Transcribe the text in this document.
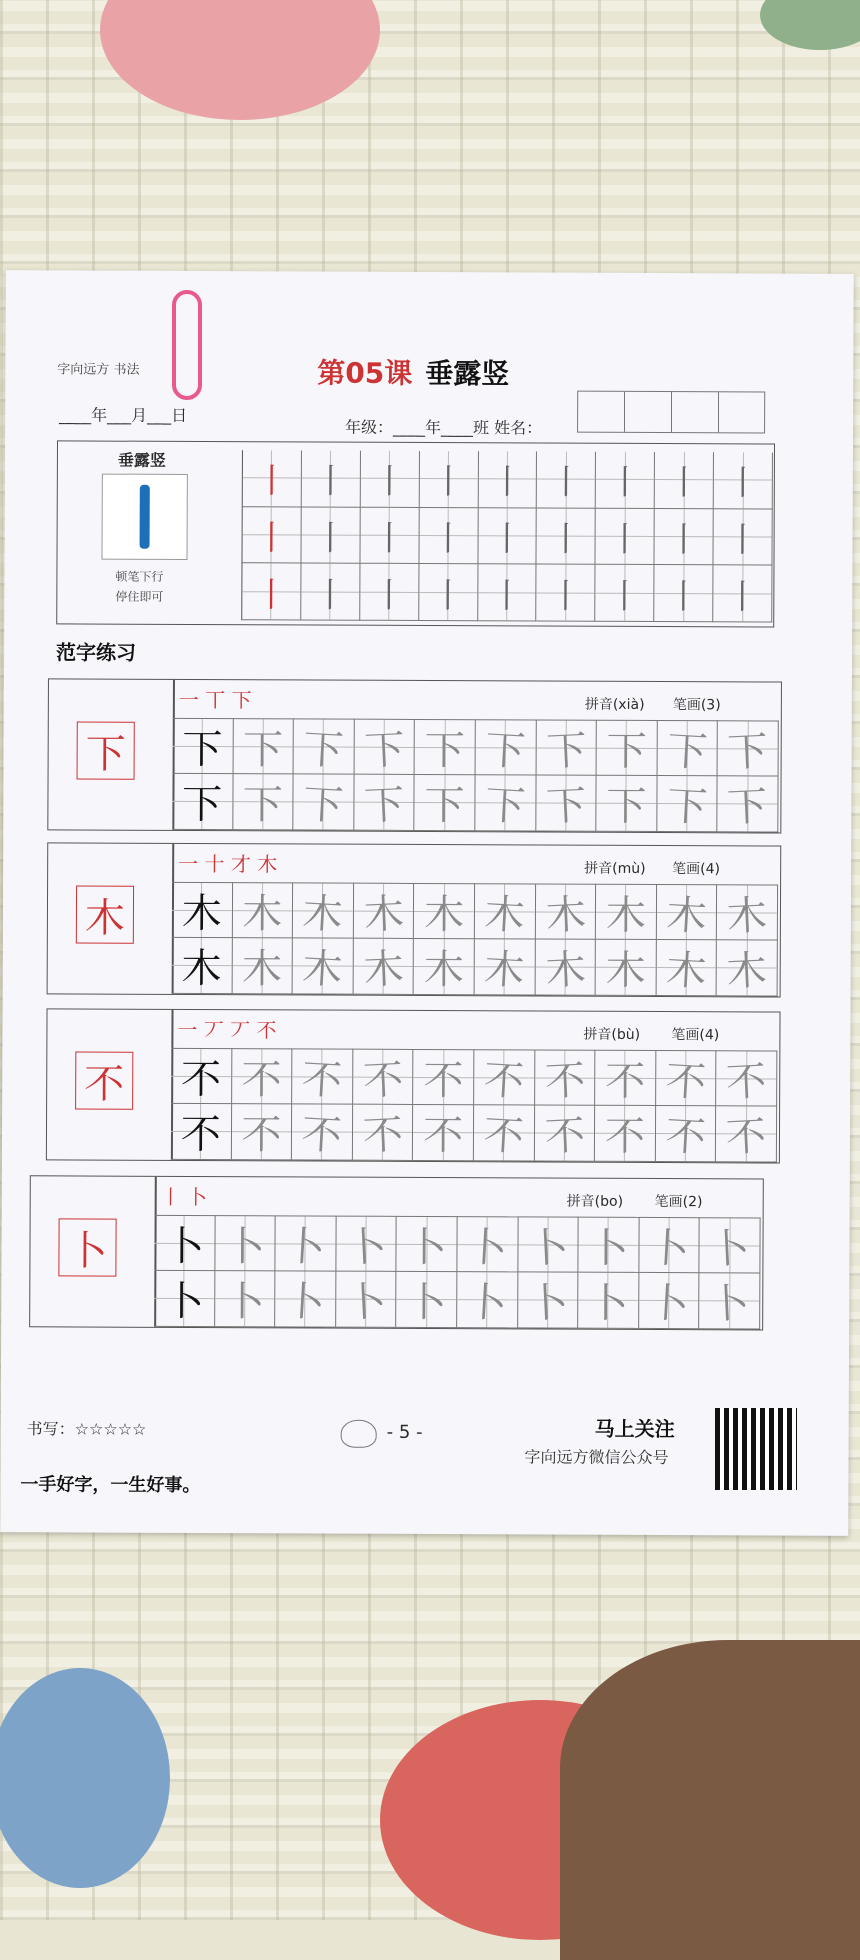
字向远方 书法	第05课 垂露竖
____年___月___日
年级：____年____班 姓名：
垂露竖
顿笔下行
停住即可
丨 丨 丨 丨 丨 丨 丨 丨 丨
丨 丨 丨 丨 丨 丨 丨 丨 丨
丨 丨 丨 丨 丨 丨 丨 丨 丨
范字练习
下
一 丅 下	拼音(xià) 笔画(3)
下 下 下 下 下 下 下 下 下 下
下 下 下 下 下 下 下 下 下 下
木
一 十 才 木	拼音(mù) 笔画(4)
木 木 木 木 木 木 木 木 木 木
木 木 木 木 木 木 木 木 木 木
不
一 丆 丆 不	拼音(bù) 笔画(4)
不 不 不 不 不 不 不 不 不 不
不 不 不 不 不 不 不 不 不 不
卜
丨 卜	拼音(bo) 笔画(2)
卜 卜 卜 卜 卜 卜 卜 卜 卜 卜
卜 卜 卜 卜 卜 卜 卜 卜 卜 卜
书写：☆☆☆☆☆
一手好字，一生好事。
- 5 -	马上关注
字向远方微信公众号
